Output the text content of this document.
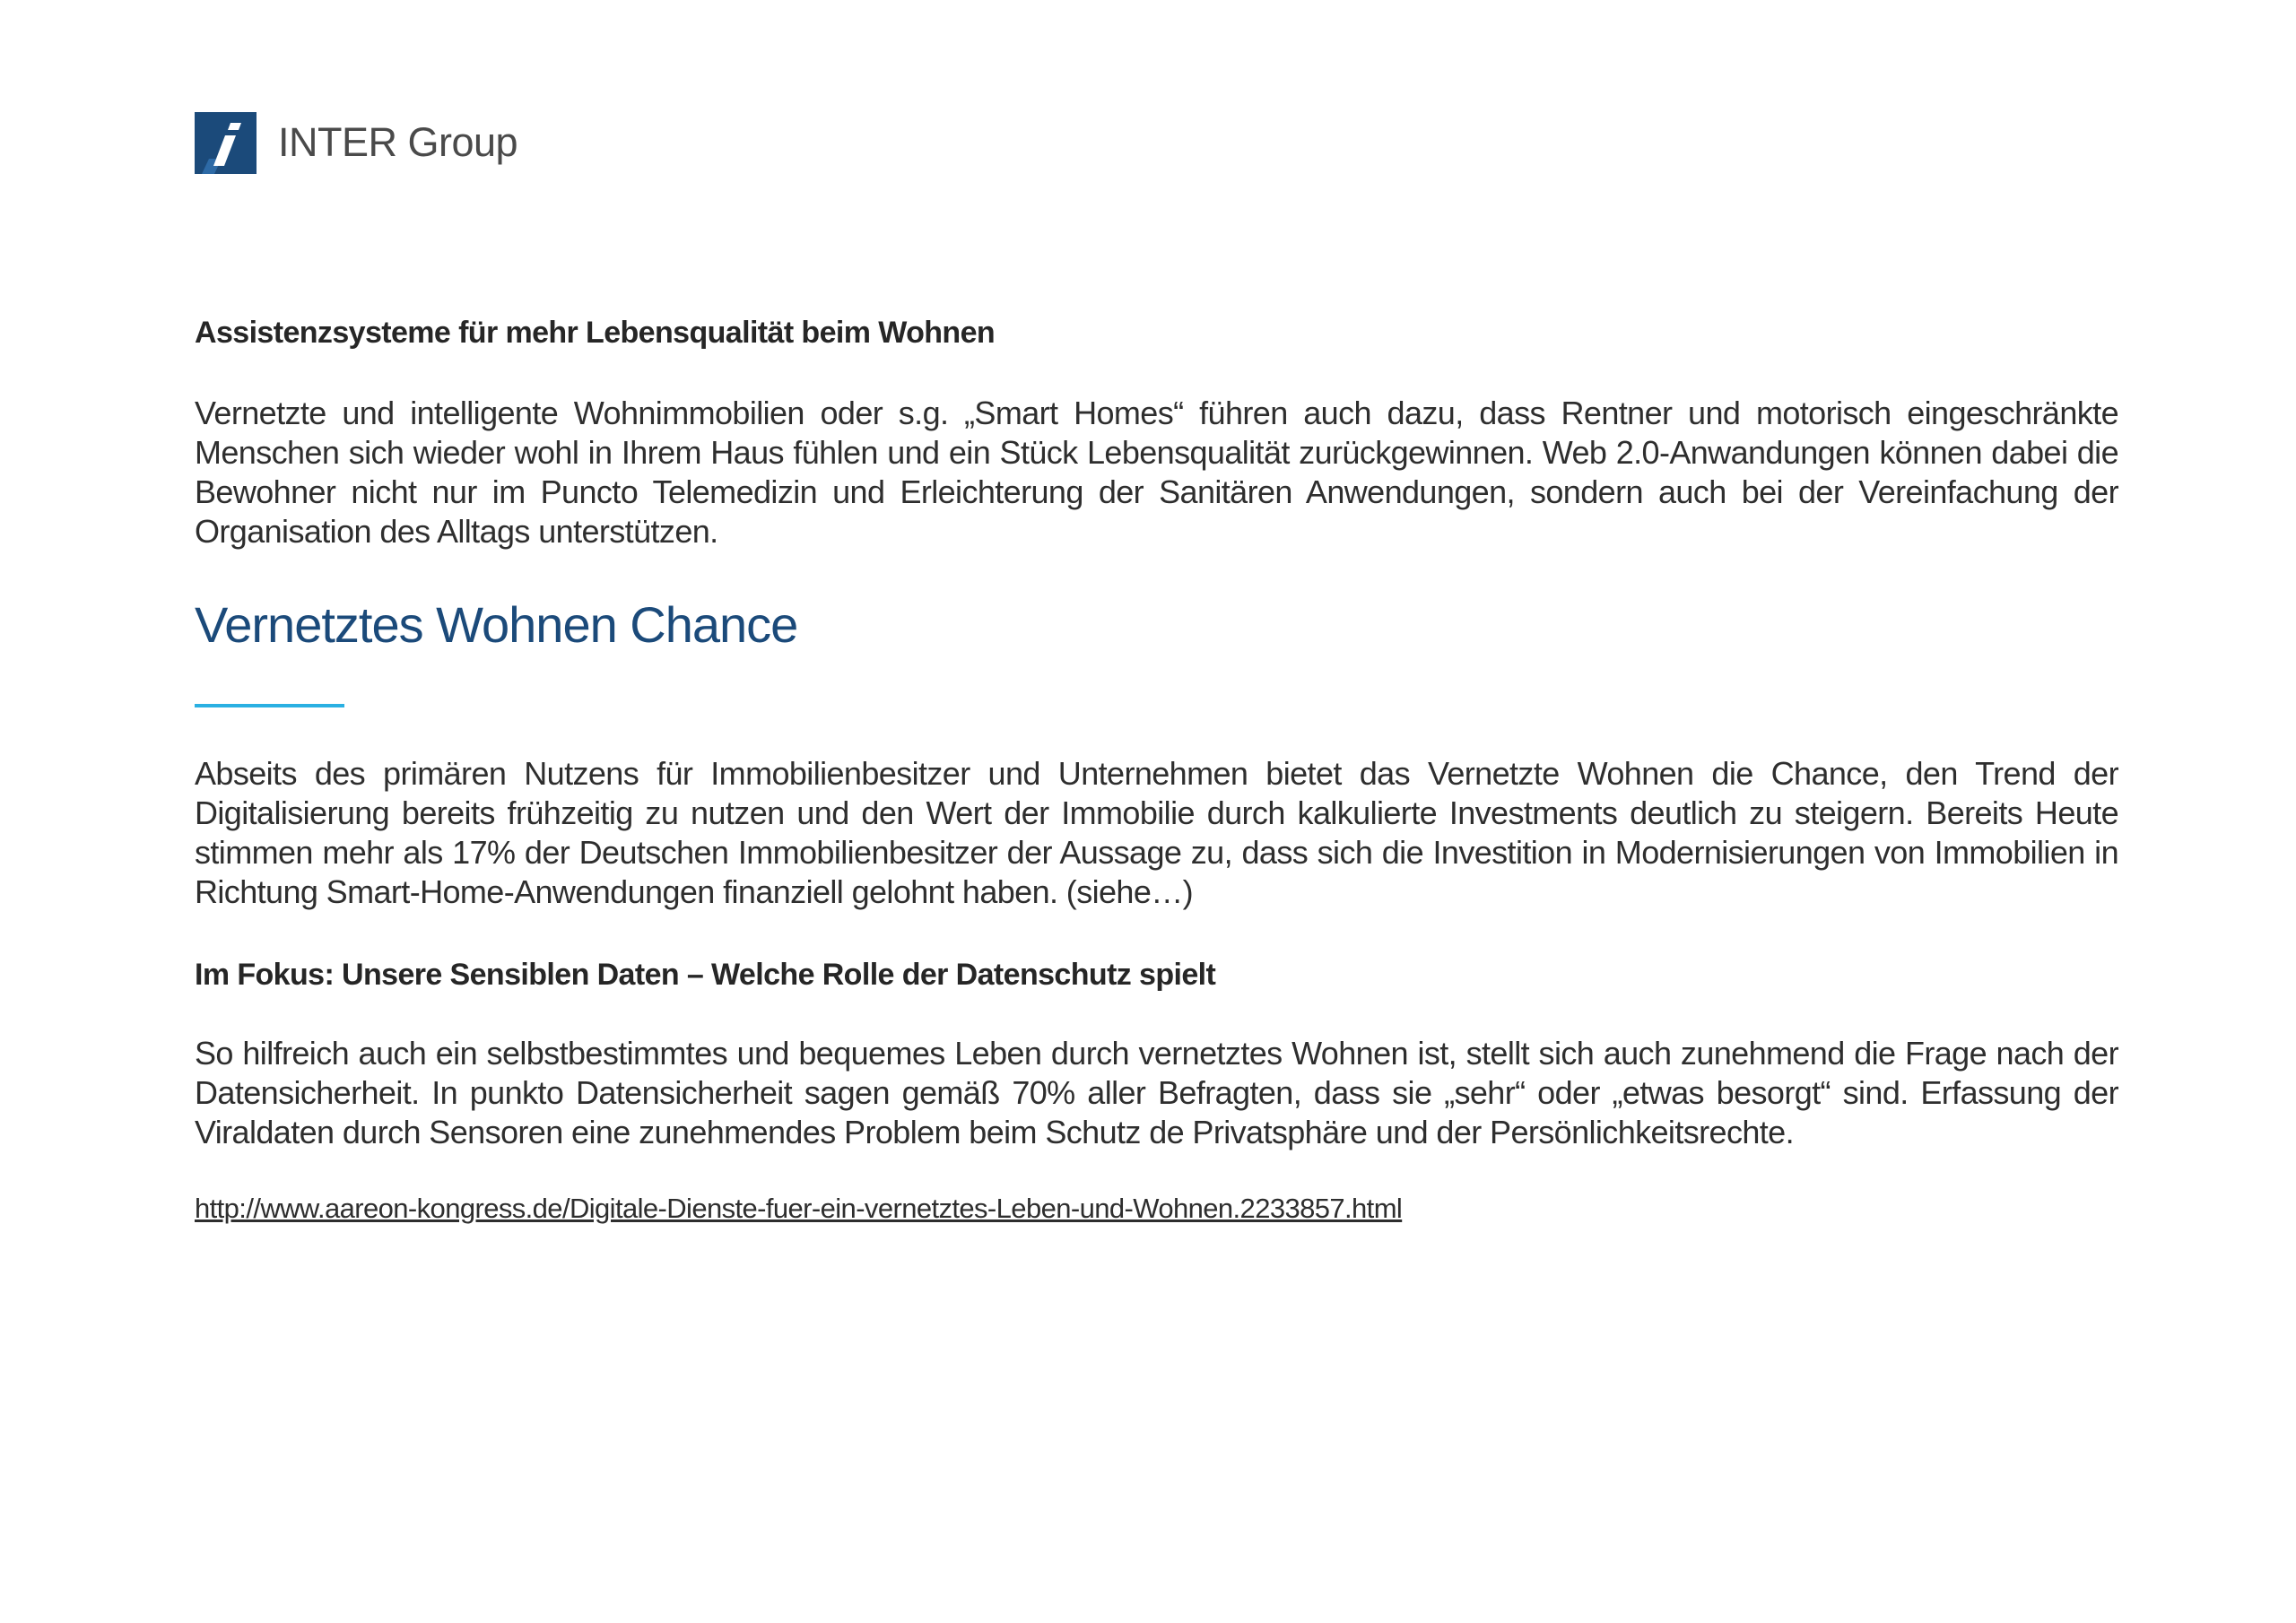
INTER Group
Assistenzsysteme für mehr Lebensqualität beim Wohnen
Vernetzte und intelligente Wohnimmobilien oder s.g. „Smart Homes“ führen auch dazu, dass Rentner und motorisch eingeschränkte Menschen sich wieder wohl in Ihrem Haus fühlen und ein Stück Lebensqualität zurückgewinnen. Web 2.0-Anwandungen können dabei die Bewohner nicht nur im Puncto Telemedizin und Erleichterung der Sanitären Anwendungen, sondern auch bei der Vereinfachung der Organisation des Alltags unterstützen.
Vernetztes Wohnen Chance
Abseits des primären Nutzens für Immobilienbesitzer und Unternehmen bietet das Vernetzte Wohnen die Chance, den Trend der Digitalisierung bereits frühzeitig zu nutzen und den Wert der Immobilie durch kalkulierte Investments deutlich zu steigern. Bereits Heute stimmen mehr als 17% der Deutschen Immobilienbesitzer der Aussage zu, dass sich die Investition in Modernisierungen von Immobilien in Richtung Smart-Home-Anwendungen finanziell gelohnt haben. (siehe…)
Im Fokus: Unsere Sensiblen Daten – Welche Rolle der Datenschutz spielt
So hilfreich auch ein selbstbestimmtes und bequemes Leben durch vernetztes Wohnen ist, stellt sich auch zunehmend die Frage nach der Datensicherheit. In punkto Datensicherheit sagen gemäß 70% aller Befragten, dass sie „sehr“ oder „etwas besorgt“ sind. Erfassung der Viraldaten durch Sensoren eine zunehmendes Problem beim Schutz de Privatsphäre und der Persönlichkeitsrechte.
http://www.aareon-kongress.de/Digitale-Dienste-fuer-ein-vernetztes-Leben-und-Wohnen.2233857.html
